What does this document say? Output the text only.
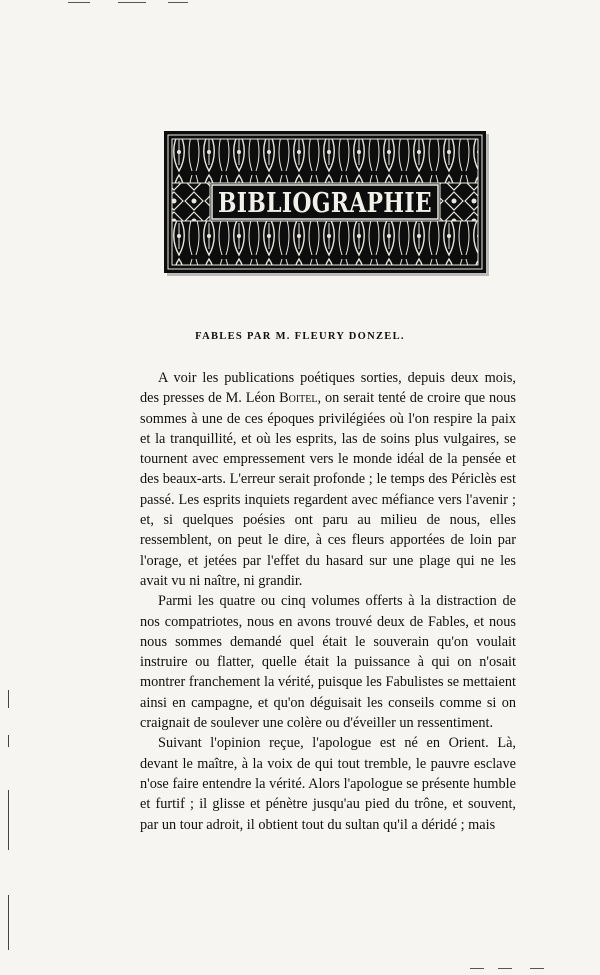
BIBLIOGRAPHIE
FABLES PAR M. FLEURY DONZEL.

A voir les publications poétiques sorties, depuis deux mois, des presses de M. Léon Boitel, on serait tenté de croire que nous sommes à une de ces époques privilégiées où l'on respire la paix et la tranquillité, et où les esprits, las de soins plus vulgaires, se tournent avec empressement vers le monde idéal de la pensée et des beaux-arts. L'erreur serait profonde ; le temps des Périclès est passé. Les esprits inquiets regardent avec méfiance vers l'avenir ; et, si quelques poésies ont paru au milieu de nous, elles ressemblent, on peut le dire, à ces fleurs apportées de loin par l'orage, et jetées par l'effet du hasard sur une plage qui ne les avait vu ni naître, ni grandir.

Parmi les quatre ou cinq volumes offerts à la distraction de nos compatriotes, nous en avons trouvé deux de Fables, et nous nous sommes demandé quel était le souverain qu'on voulait instruire ou flatter, quelle était la puissance à qui on n'osait montrer franchement la vérité, puisque les Fabulistes se mettaient ainsi en campagne, et qu'on déguisait les conseils comme si on craignait de soulever une colère ou d'éveiller un ressentiment.

Suivant l'opinion reçue, l'apologue est né en Orient. Là, devant le maître, à la voix de qui tout tremble, le pauvre esclave n'ose faire entendre la vérité. Alors l'apologue se présente humble et furtif ; il glisse et pénètre jusqu'au pied du trône, et souvent, par un tour adroit, il obtient tout du sultan qu'il a déridé ; mais
